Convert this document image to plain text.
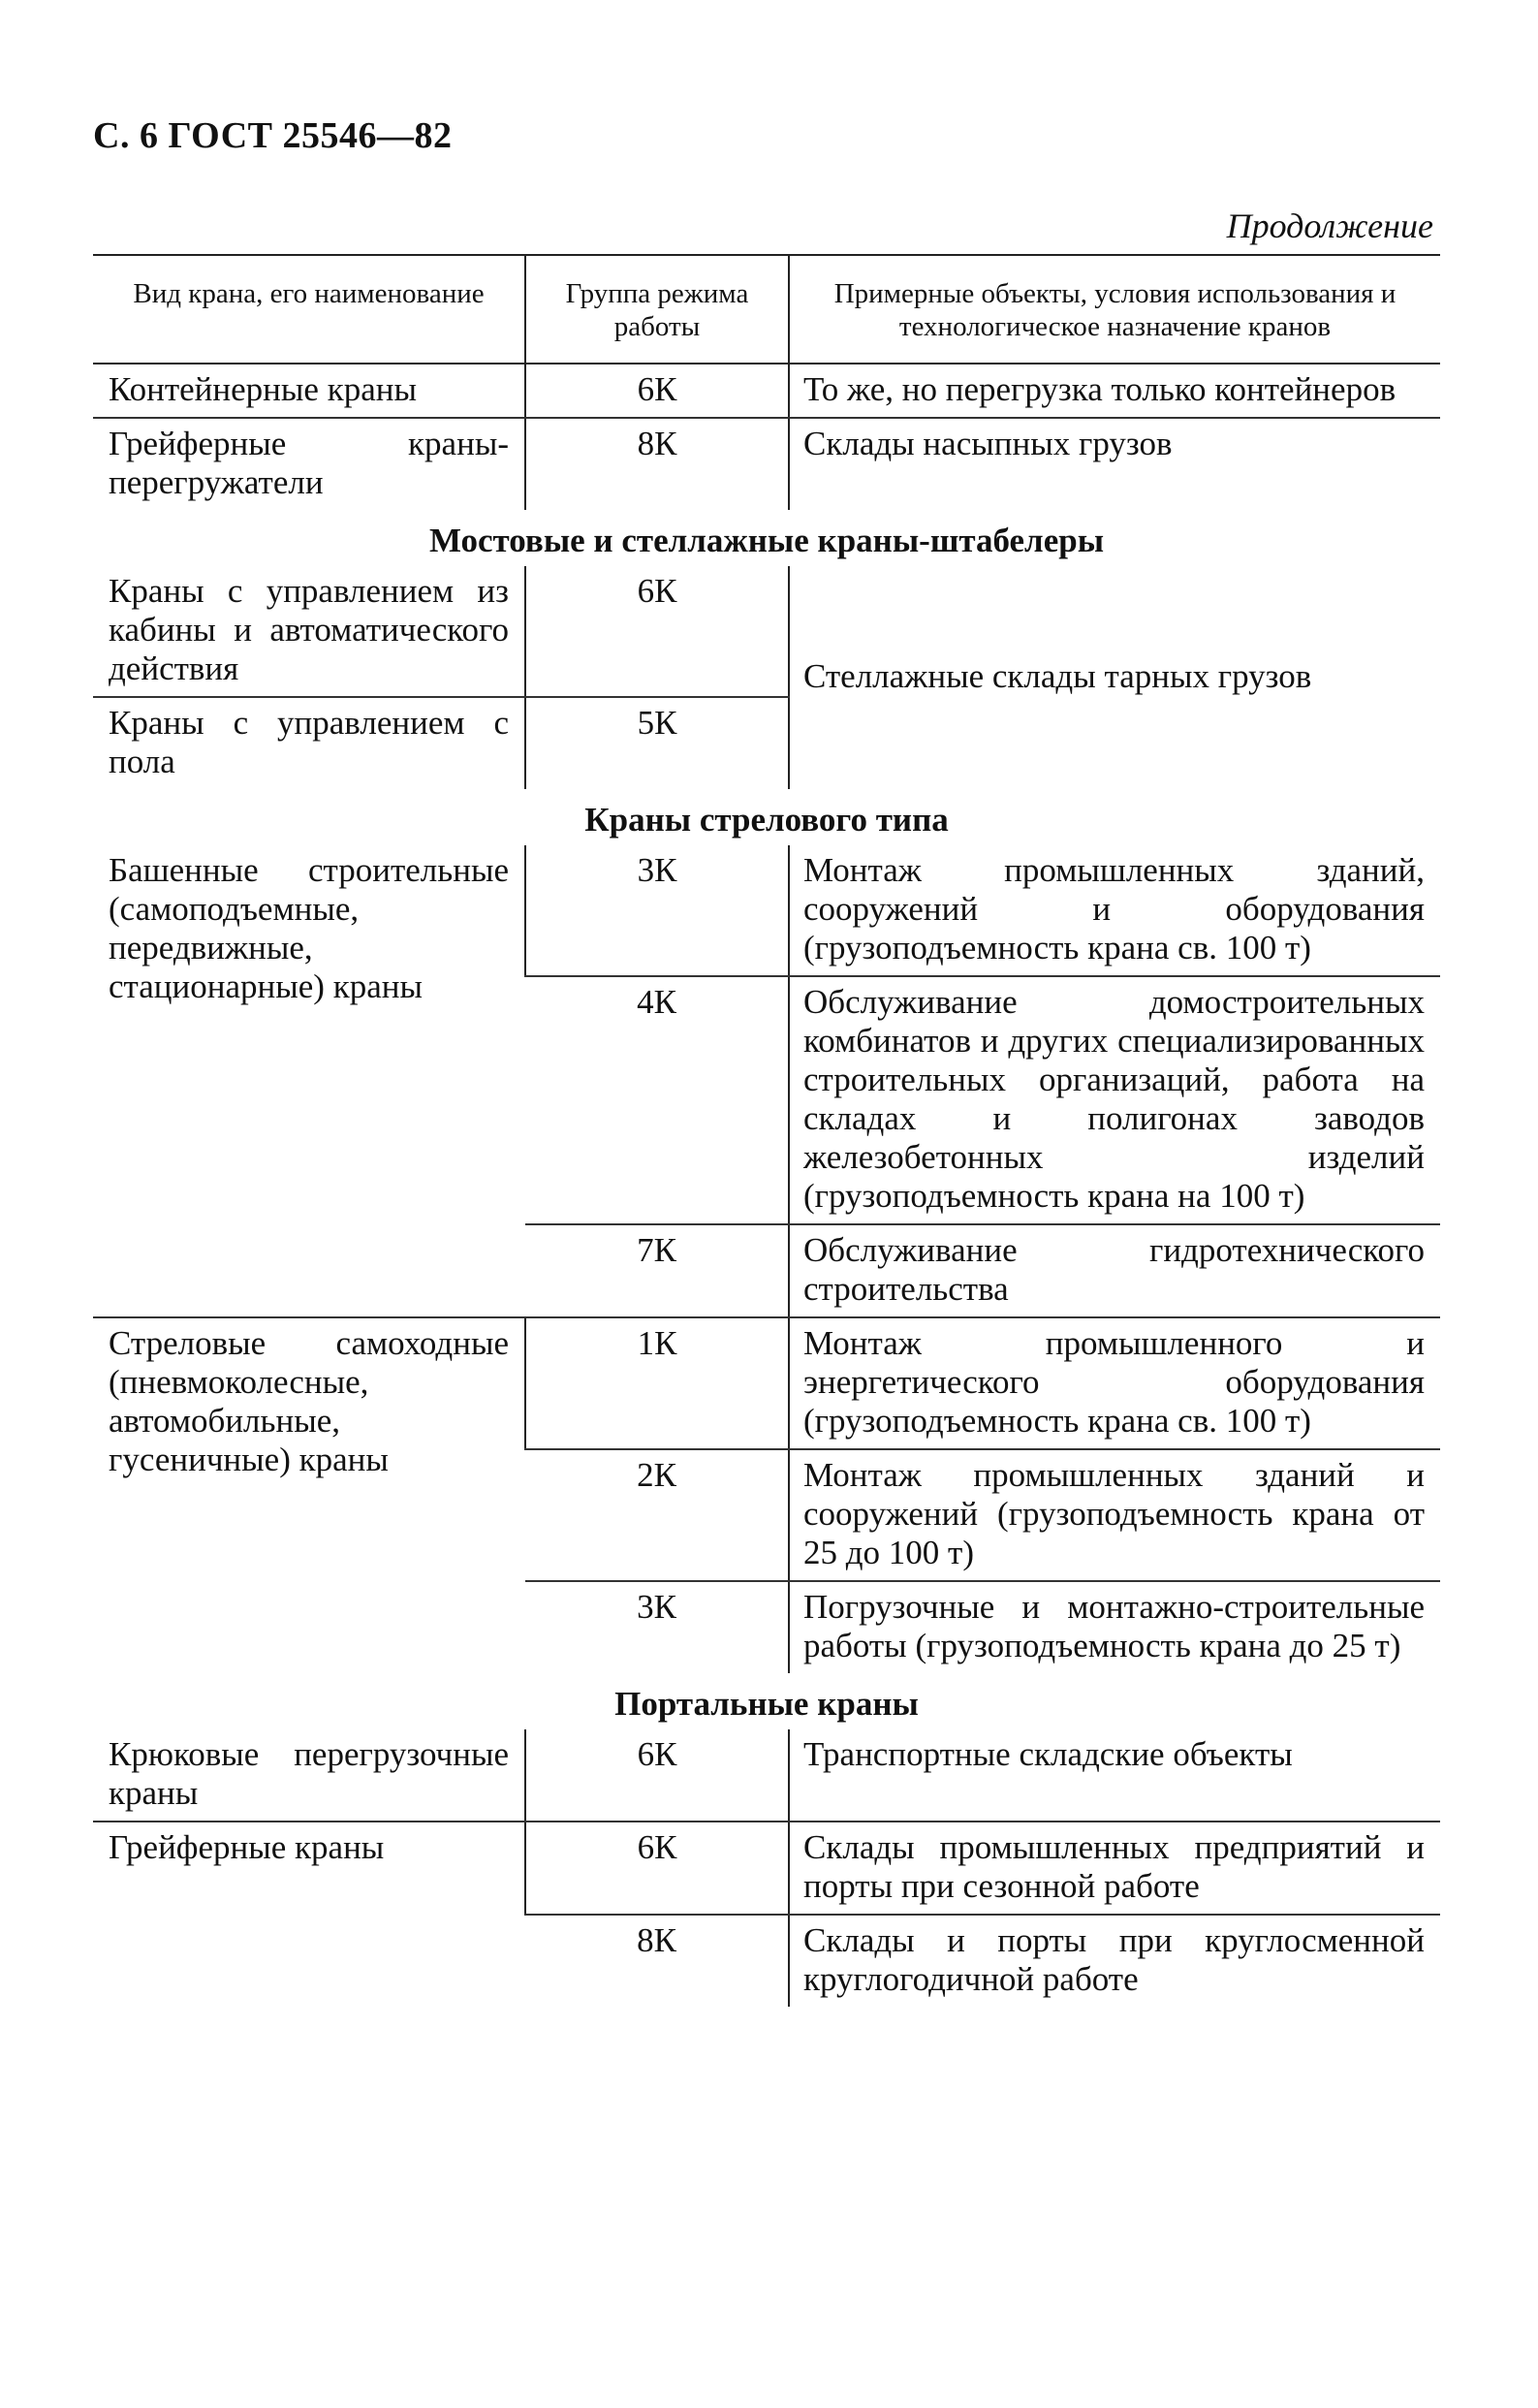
С. 6 ГОСТ 25546—82
Продолжение
Вид крана, его наименование	Группа режима работы	Примерные объекты, условия использования и технологическое назначение кранов
Контейнерные краны	6К	То же, но перегрузка только контейнеров
Грейферные краны-перегружатели	8К	Склады насыпных грузов
Мостовые и стеллажные краны-штабелеры		
Краны с управлением из кабины и автоматического действия	6К	Стеллажные склады тарных грузов
Краны с управлением с пола	5К	
Краны стрелового типа		
Башенные строительные (самоподъемные, передвижные, стационарные) краны	3К	Монтаж промышленных зданий, сооружений и оборудования (грузоподъемность крана св. 100 т)
	4К	Обслуживание домостроительных комбинатов и других специализированных строительных организаций, работа на складах и полигонах заводов железобетонных изделий (грузоподъемность крана на 100 т)
	7К	Обслуживание гидротехнического строительства
Стреловые самоходные (пневмоколесные, автомобильные, гусеничные) краны	1К	Монтаж промышленного и энергетического оборудования (грузоподъемность крана св. 100 т)
	2К	Монтаж промышленных зданий и сооружений (грузоподъемность крана от 25 до 100 т)
	3К	Погрузочные и монтажно-строительные работы (грузоподъемность крана до 25 т)
Портальные краны		
Крюковые перегрузочные краны	6К	Транспортные складские объекты
Грейферные краны	6К	Склады промышленных предприятий и порты при сезонной работе
	8К	Склады и порты при круглосменной круглогодичной работе
